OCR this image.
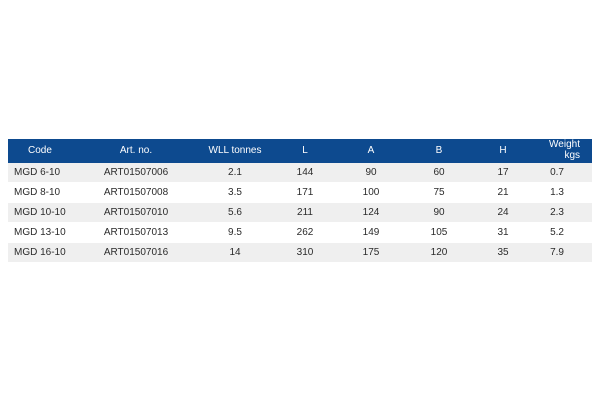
Code	Art. no.	WLL tonnes	L	A	B	H	Weight kgs
MGD 6-10	ART01507006	2.1	144	90	60	17	0.7
MGD 8-10	ART01507008	3.5	171	100	75	21	1.3
MGD 10-10	ART01507010	5.6	211	124	90	24	2.3
MGD 13-10	ART01507013	9.5	262	149	105	31	5.2
MGD 16-10	ART01507016	14	310	175	120	35	7.9
